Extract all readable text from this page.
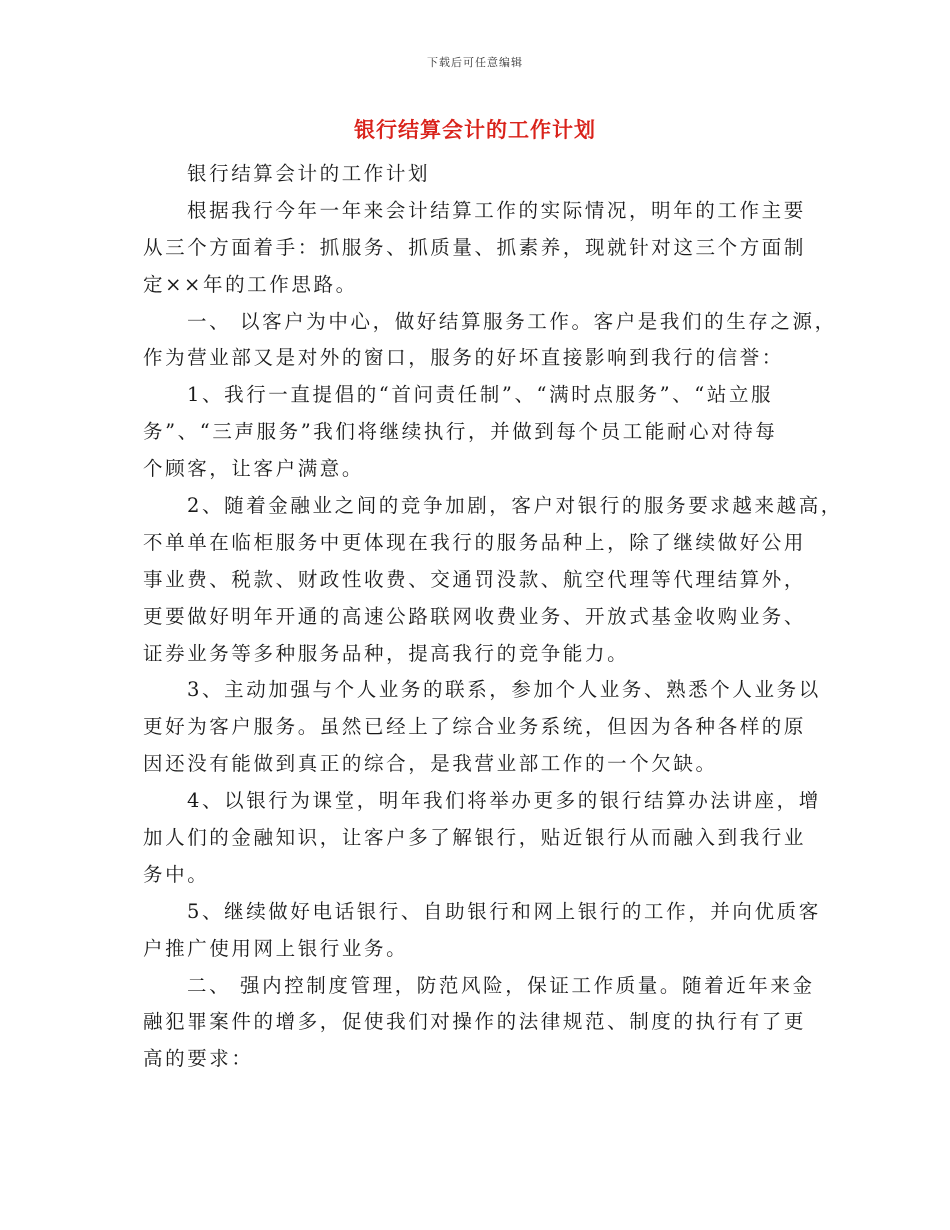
下载后可任意编辑
银行结算会计的工作计划
银行结算会计的工作计划
根据我行今年一年来会计结算工作的实际情况，明年的工作主要
从三个方面着手：抓服务、抓质量、抓素养，现就针对这三个方面制
定××年的工作思路。
一、 以客户为中心，做好结算服务工作。客户是我们的生存之源，
作为营业部又是对外的窗口，服务的好坏直接影响到我行的信誉：
1、我行一直提倡的“首问责任制”、“满时点服务”、“站立服
务”、“三声服务”我们将继续执行，并做到每个员工能耐心对待每
个顾客，让客户满意。
2、随着金融业之间的竞争加剧，客户对银行的服务要求越来越高，
不单单在临柜服务中更体现在我行的服务品种上，除了继续做好公用
事业费、税款、财政性收费、交通罚没款、航空代理等代理结算外，
更要做好明年开通的高速公路联网收费业务、开放式基金收购业务、
证券业务等多种服务品种，提高我行的竞争能力。
3、主动加强与个人业务的联系，参加个人业务、熟悉个人业务以
更好为客户服务。虽然已经上了综合业务系统，但因为各种各样的原
因还没有能做到真正的综合，是我营业部工作的一个欠缺。
4、以银行为课堂，明年我们将举办更多的银行结算办法讲座，增
加人们的金融知识，让客户多了解银行，贴近银行从而融入到我行业
务中。
5、继续做好电话银行、自助银行和网上银行的工作，并向优质客
户推广使用网上银行业务。
二、 强内控制度管理，防范风险，保证工作质量。随着近年来金
融犯罪案件的增多，促使我们对操作的法律规范、制度的执行有了更
高的要求：
